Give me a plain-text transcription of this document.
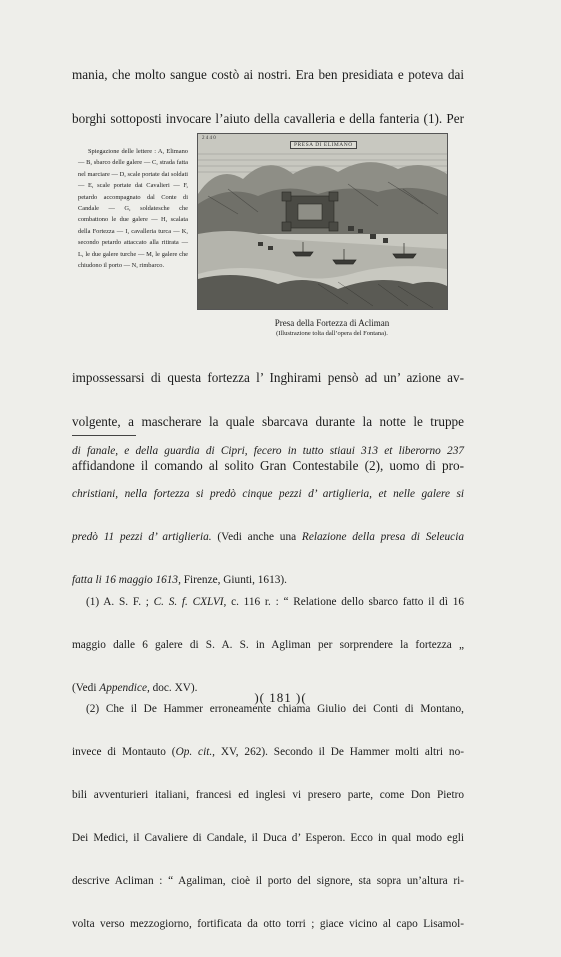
mania, che molto sangue costò ai nostri. Era ben presidiata e poteva dai

borghi sottoposti invocare l’aiuto della cavalleria e della fanteria (1). Per

Spiegazione delle lettere : A, Elimano — B, sbarco delle galere — C, strada fatta nel marciare — D, scale portate dai soldati — E, scale portate dai Cavalieri — F, petardo accompagnato dal Conte di Candale — G, soldatesche che combattono le due galere — H, scalata della Fortezza — I, cavalleria turca — K, secondo petardo attaccato alla ritirata — L, le due galere turche — M, le galere che chiudono il porto — N, rimbarco.

PRESA DI ELIMANO
2 4 4 0
Presa della Fortezza di Acliman
(Illustrazione tolta dall’opera del Fontana).

impossessarsi di questa fortezza l’ Inghirami pensò ad un’ azione av-

volgente, a mascherare la quale sbarcava durante la notte le truppe

affidandone il comando al solito Gran Contestabile (2), uomo di pro-

di fanale, e della guardia di Cipri, fecero in tutto stiaui 313 et liberorno 237

christiani, nella fortezza si predò cinque pezzi d’ artiglieria, et nelle galere si

predò 11 pezzi d’ artiglieria. (Vedi anche una Relazione della presa di Seleucia

fatta li 16 maggio 1613, Firenze, Giunti, 1613).

(1) A. S. F. ; C. S. f. CXLVI, c. 116 r. : “ Relatione dello sbarco fatto il dì 16

maggio dalle 6 galere di S. A. S. in Agliman per sorprendere la fortezza „

(Vedi Appendice, doc. XV).

(2) Che il De Hammer erroneamente chiama Giulio dei Conti di Montano,

invece di Montauto (Op. cit., XV, 262). Secondo il De Hammer molti altri no-

bili avventurieri italiani, francesi ed inglesi vi presero parte, come Don Pietro

Dei Medici, il Cavaliere di Candale, il Duca d’ Esperon. Ecco in qual modo egli

descrive Acliman : “ Agaliman, cioè il porto del signore, sta sopra un’altura ri-

volta verso mezzogiorno, fortificata da otto torri ; giace vicino al capo Lisamol-

)( 181 )(
